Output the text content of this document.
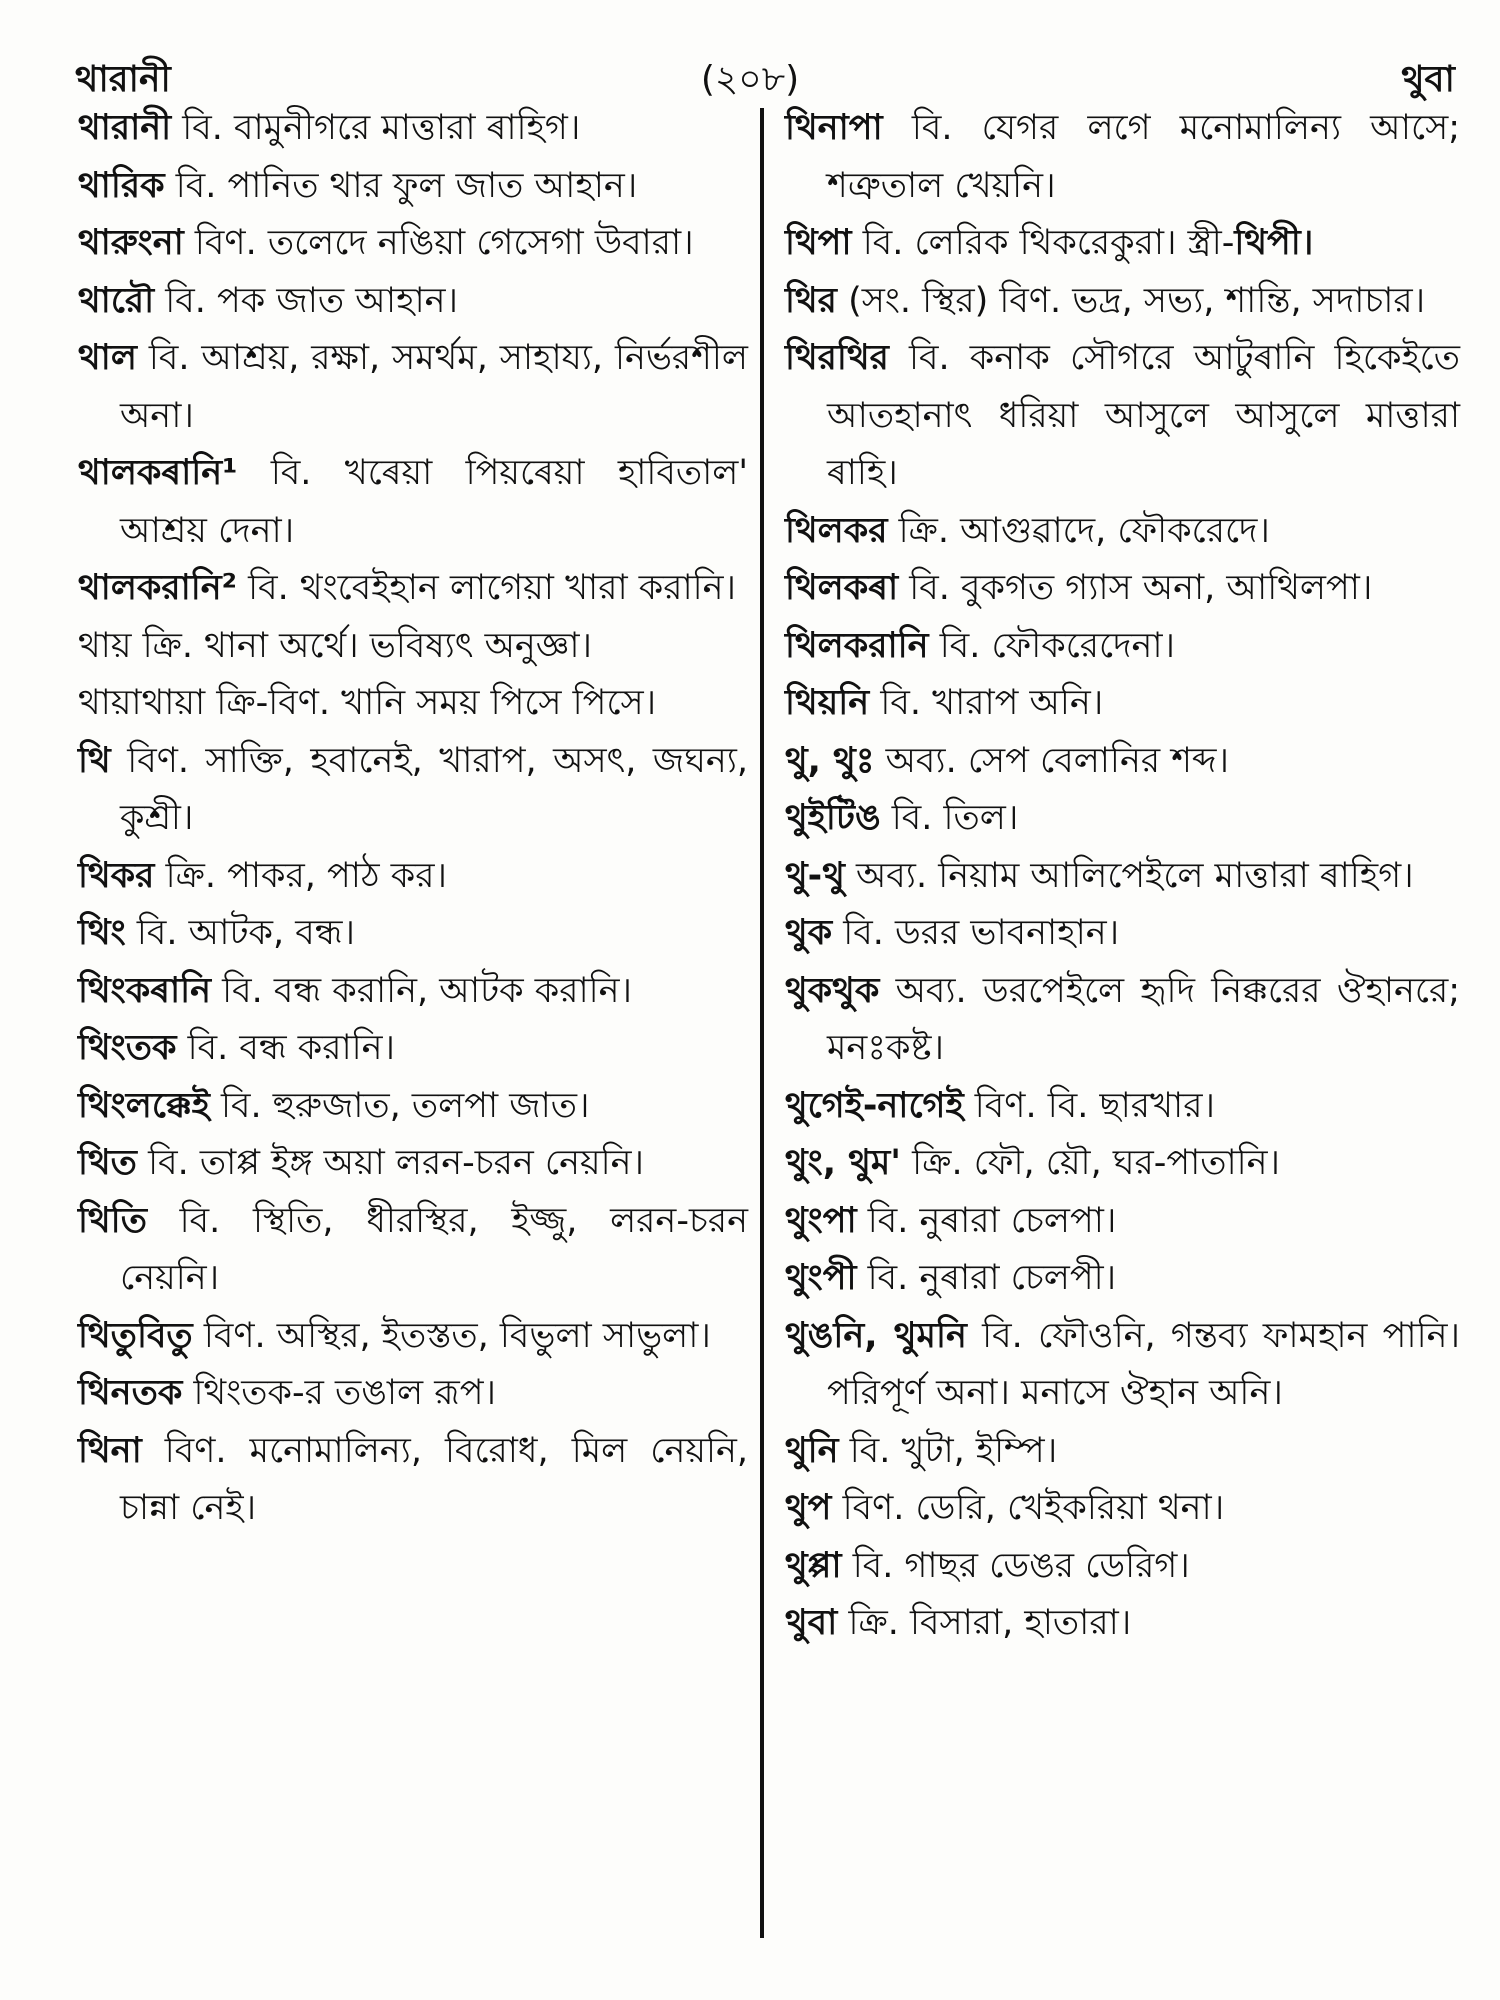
থারানী	(২০৮)	থুবা

থারানী বি. বামুনীগরে মাত্তারা ৰাহিগ।

থারিক বি. পানিত থার ফুল জাত আহান।

থারুংনা বিণ. তলেদে নঙিয়া গেসেগা উবারা।

থারৌ বি. পক জাত আহান।

থাল বি. আশ্রয়, রক্ষা, সমর্থম, সাহায্য, নির্ভরশীল অনা।

থালকৰানি¹ বি. খৰেয়া পিয়ৰেয়া হাবিতাল' আশ্রয় দেনা।

থালকরানি² বি. থংবেইহান লাগেয়া খারা করানি।

থায় ক্রি. থানা অর্থে। ভবিষ্যৎ অনুজ্ঞা।

থায়াথায়া ক্রি-বিণ. খানি সময় পিসে পিসে।

থি বিণ. সাক্তি, হবানেই, খারাপ, অসৎ, জঘন্য, কুশ্রী।

থিকর ক্রি. পাকর, পাঠ কর।

থিং বি. আটক, বন্ধ।

থিংকৰানি বি. বন্ধ করানি, আটক করানি।

থিংতক বি. বন্ধ করানি।

থিংলক্কেই বি. হুরুজাত, তলপা জাত।

থিত বি. তাপ্প ইঙ্গ অয়া লরন-চরন নেয়নি।

থিতি বি. স্থিতি, ধীরস্থির, ইজ্জু, লরন-চরন নেয়নি।

থিতুবিতু বিণ. অস্থির, ইতস্তত, বিভুলা সাভুলা।

থিনতক থিংতক-র তঙাল রূপ।

থিনা বিণ. মনোমালিন্য, বিরোধ, মিল নেয়নি, চান্না নেই।

থিনাপা বি. যেগর লগে মনোমালিন্য আসে; শত্রুতাল খেয়নি।

থিপা বি. লেরিক থিকরেকুরা। স্ত্রী-থিপী।

থির (সং. স্থির) বিণ. ভদ্র, সভ্য, শান্তি, সদাচার।

থিরথির বি. কনাক সৌগরে আটুৰানি হিকেইতে আতহানাৎ ধরিয়া আসুলে আসুলে মাত্তারা ৰাহি।

থিলকর ক্রি. আগুৱাদে, ফৌকরেদে।

থিলকৰা বি. বুকগত গ্যাস অনা, আথিলপা।

থিলকরানি বি. ফৌকরেদেনা।

থিয়নি বি. খারাপ অনি।

থু, থুঃ অব্য. সেপ বেলানির শব্দ।

থুইটিঙ বি. তিল।

থু-থু অব্য. নিয়াম আলিপেইলে মাত্তারা ৰাহিগ।

থুক বি. ডরর ভাবনাহান।

থুকথুক অব্য. ডরপেইলে হৃদি নিক্করের ঔহানরে; মনঃকষ্ট।

থুগেই-নাগেই বিণ. বি. ছারখার।

থুং, থুম' ক্রি. ফৌ, য়ৌ, ঘর-পাতানি।

থুংপা বি. নুৰারা চেলপা।

থুংপী বি. নুৰারা চেলপী।

থুঙনি, থুমনি বি. ফৌওনি, গন্তব্য ফামহান পানি। পরিপূর্ণ অনা। মনাসে ঔহান অনি।

থুনি বি. খুটা, ইম্পি।

থুপ বিণ. ডেরি, খেইকরিয়া থনা।

থুপ্পা বি. গাছর ডেঙর ডেরিগ।

থুবা ক্রি. বিসারা, হাতারা।
